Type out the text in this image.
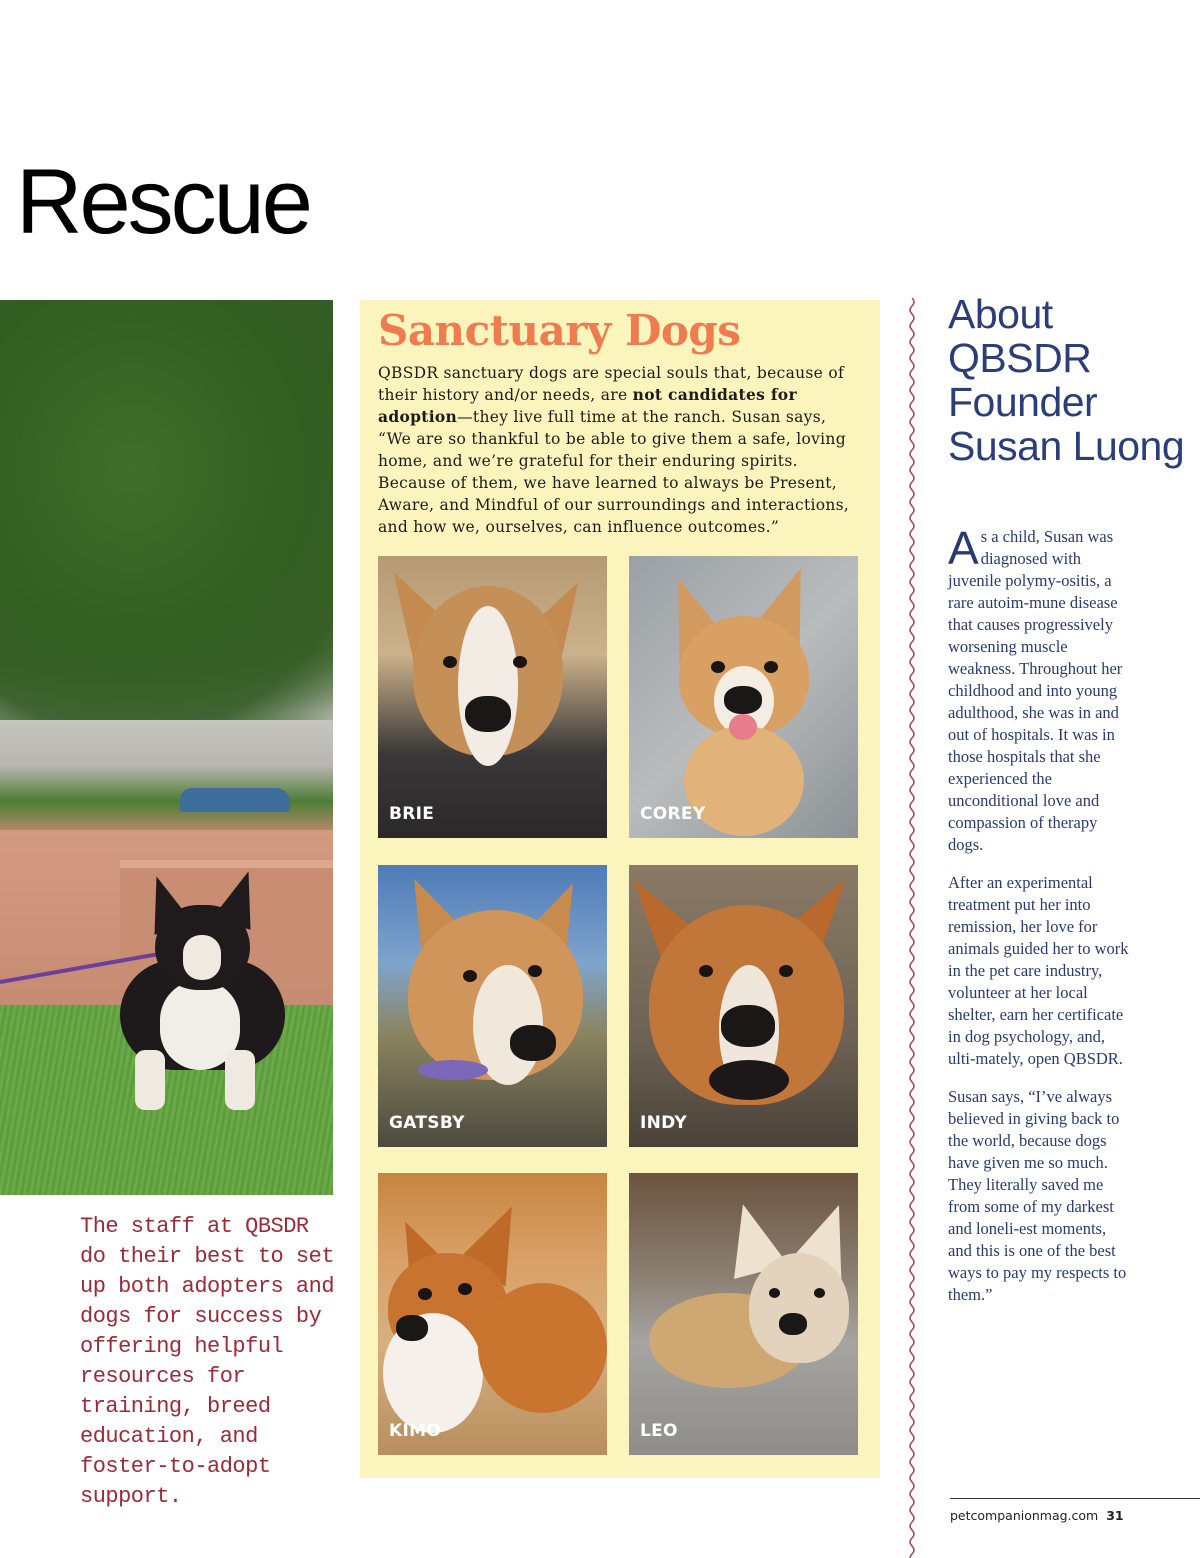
Rescue
The staff at QBSDR do their best to set up both adopters and dogs for success by offering helpful resources for training, breed education, and foster-to-adopt support.
Sanctuary Dogs
QBSDR sanctuary dogs are special souls that, because of their history and/or needs, are not candidates for adoption—they live full time at the ranch. Susan says, “We are so thankful to be able to give them a safe, loving home, and we’re grateful for their enduring spirits. Because of them, we have learned to always be Present, Aware, and Mindful of our surroundings and interactions, and how we, ourselves, can influence outcomes.”
BRIE	COREY
GATSBY	INDY
KIMO	LEO
About QBSDR Founder Susan Luong

As a child, Susan was diagnosed with juvenile polymy-ositis, a rare autoim-mune disease that causes progressively worsening muscle weakness. Throughout her childhood and into young adulthood, she was in and out of hospitals. It was in those hospitals that she experienced the unconditional love and compassion of therapy dogs.

After an experimental treatment put her into remission, her love for animals guided her to work in the pet care industry, volunteer at her local shelter, earn her certificate in dog psychology, and, ulti-mately, open QBSDR.

Susan says, “I’ve always believed in giving back to the world, because dogs have given me so much. They literally saved me from some of my darkest and loneli-est moments, and this is one of the best ways to pay my respects to them.”

petcompanionmag.com 31
